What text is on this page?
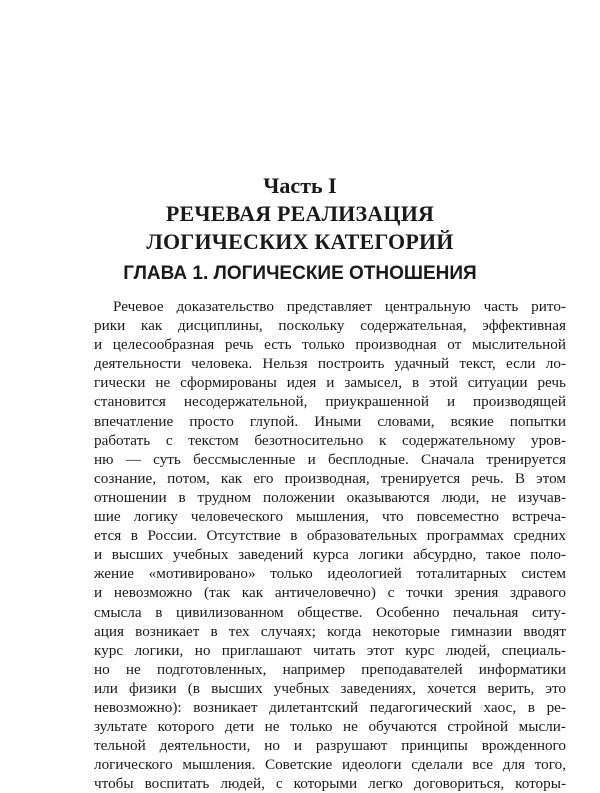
Часть I
РЕЧЕВАЯ РЕАЛИЗАЦИЯ
ЛОГИЧЕСКИХ КАТЕГОРИЙ
ГЛАВА 1. ЛОГИЧЕСКИЕ ОТНОШЕНИЯ
Речевое доказательство представляет центральную часть рито-
рики как дисциплины, поскольку содержательная, эффективная
и целесообразная речь есть только производная от мыслительной
деятельности человека. Нельзя построить удачный текст, если ло-
гически не сформированы идея и замысел, в этой ситуации речь
становится несодержательной, приукрашенной и производящей
впечатление просто глупой. Иными словами, всякие попытки
работать с текстом безотносительно к содержательному уров-
ню — суть бессмысленные и бесплодные. Сначала тренируется
сознание, потом, как его производная, тренируется речь. В этом
отношении в трудном положении оказываются люди, не изучав-
шие логику человеческого мышления, что повсеместно встреча-
ется в России. Отсутствие в образовательных программах средних
и высших учебных заведений курса логики абсурдно, такое поло-
жение «мотивировано» только идеологией тоталитарных систем
и невозможно (так как античеловечно) с точки зрения здравого
смысла в цивилизованном обществе. Особенно печальная ситу-
ация возникает в тех случаях; когда некоторые гимназии вводят
курс логики, но приглашают читать этот курс людей, специаль-
но не подготовленных, например преподавателей информатики
или физики (в высших учебных заведениях, хочется верить, это
невозможно): возникает дилетантский педагогический хаос, в ре-
зультате которого дети не только не обучаются стройной мысли-
тельной деятельности, но и разрушают принципы врожденного
логического мышления. Советские идеологи сделали все для того,
чтобы воспитать людей, с которыми легко договориться, которы-
